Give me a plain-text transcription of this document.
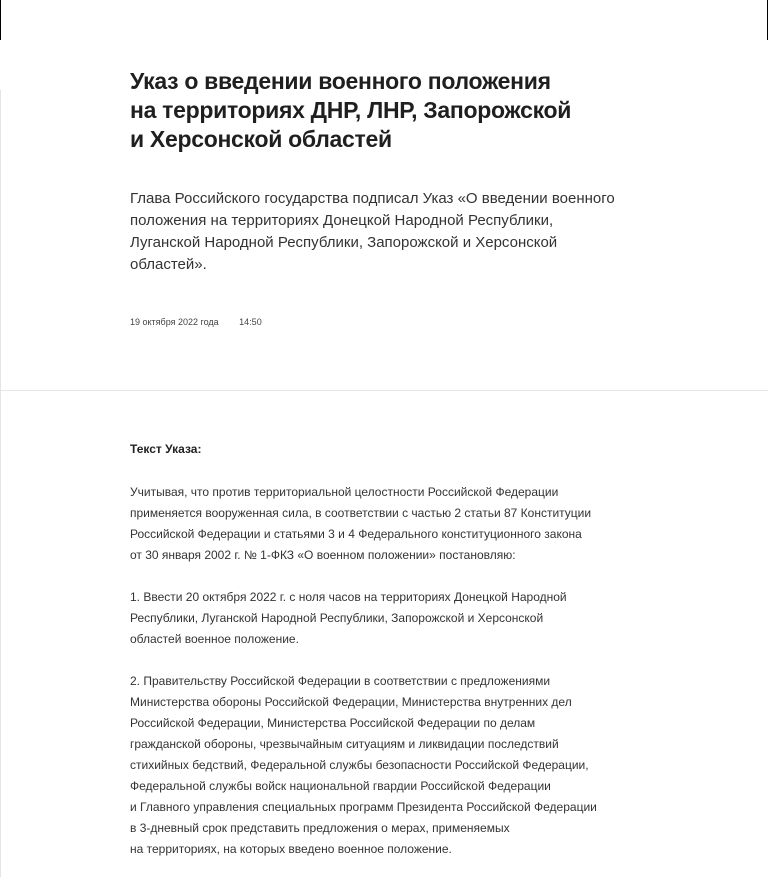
Указ о введении военного положения
на территориях ДНР, ЛНР, Запорожской
и Херсонской областей

Глава Российского государства подписал Указ «О введении военного
положения на территориях Донецкой Народной Республики,
Луганской Народной Республики, Запорожской и Херсонской
областей».

19 октября 2022 года 14:50
Текст Указа:

Учитывая, что против территориальной целостности Российской Федерации
применяется вооруженная сила, в соответствии с частью 2 статьи 87 Конституции
Российской Федерации и статьями 3 и 4 Федерального конституционного закона
от 30 января 2002 г. № 1-ФКЗ «О военном положении» постановляю:

1. Ввести 20 октября 2022 г. с ноля часов на территориях Донецкой Народной
Республики, Луганской Народной Республики, Запорожской и Херсонской
областей военное положение.

2. Правительству Российской Федерации в соответствии с предложениями
Министерства обороны Российской Федерации, Министерства внутренних дел
Российской Федерации, Министерства Российской Федерации по делам
гражданской обороны, чрезвычайным ситуациям и ликвидации последствий
стихийных бедствий, Федеральной службы безопасности Российской Федерации,
Федеральной службы войск национальной гвардии Российской Федерации
и Главного управления специальных программ Президента Российской Федерации
в 3-дневный срок представить предложения о мерах, применяемых
на территориях, на которых введено военное положение.
